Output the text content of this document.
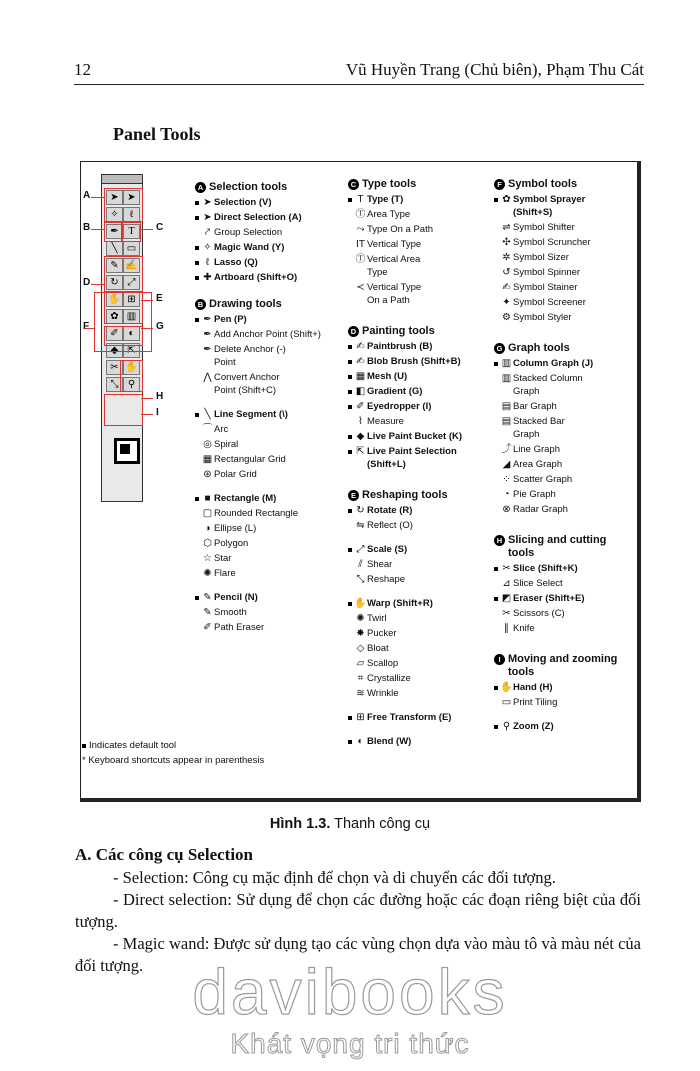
12	Vũ Huyền Trang (Chủ biên), Phạm Thu Cát
Panel Tools
➤ ➤
✧	ℓ
✒ T
╲ ▭
✎ ✍
↻ ⤢
✋ ⊞
✿ ▥
✐ ◐
◆ ⇱
✂ ✋
⤡ ⚲
A
B	C
D
E
F	G
H
I
A Selection tools
➤ Selection (V)
➤ Direct Selection (A)
⤤ Group Selection
✧ Magic Wand (Y)
ℓ Lasso (Q)
✚ Artboard (Shift+O)
B Drawing tools
✒ Pen (P)
✒ Add Anchor Point (Shift+)
✒ Delete Anchor (-)
Point
⋀ Convert Anchor
Point (Shift+C)
╲ Line Segment (\)
⌒ Arc
◎ Spiral
▦ Rectangular Grid
⊛ Polar Grid
■ Rectangle (M)
▢ Rounded Rectangle
◑ Ellipse (L)
⬡ Polygon
☆ Star
✺ Flare
✎ Pencil (N)
✎ Smooth
✐ Path Eraser
C Type tools
T Type (T)
Ⓣ Area Type
⤳ Type On a Path
IT Vertical Type
Ⓣ Vertical Area
Type
≺ Vertical Type
On a Path
D Painting tools
✍ Paintbrush (B)
✍ Blob Brush (Shift+B)
▦ Mesh (U)
◧ Gradient (G)
✐ Eyedropper (I)
⌇ Measure
◆ Live Paint Bucket (K)
⇱ Live Paint Selection
(Shift+L)
E Reshaping tools
↻ Rotate (R)
⇋ Reflect (O)
⤢ Scale (S)
⫽ Shear
⤡ Reshape
✋ Warp (Shift+R)
✺ Twirl
✸ Pucker
◇ Bloat
▱ Scallop
⌗ Crystallize
≋ Wrinkle
⊞ Free Transform (E)
◐ Blend (W)
F Symbol tools
✿ Symbol Sprayer
(Shift+S)
⇌ Symbol Shifter
✣ Symbol Scruncher
✲ Symbol Sizer
↺ Symbol Spinner
✍ Symbol Stainer
✦ Symbol Screener
⚙ Symbol Styler
G Graph tools
▥ Column Graph (J)
▥ Stacked Column
Graph
▤ Bar Graph
▤ Stacked Bar
Graph
⤴ Line Graph
◢ Area Graph
⁘ Scatter Graph
◔ Pie Graph
⊗ Radar Graph
H Slicing and cutting
tools
✂ Slice (Shift+K)
⊿ Slice Select
◩ Eraser (Shift+E)
✂ Scissors (C)
∥ Knife
I Moving and zooming
tools
✋ Hand (H)
▭ Print Tiling
⚲ Zoom (Z)
Indicates default tool
* Keyboard shortcuts appear in parenthesis
Hình 1.3. Thanh công cụ
A. Các công cụ Selection
- Selection: Công cụ mặc định để chọn và di chuyển các đối tượng.
- Direct selection: Sử dụng để chọn các đường hoặc các đoạn riêng biệt của đối tượng.
- Magic wand: Được sử dụng tạo các vùng chọn dựa vào màu tô và màu nét của đối tượng. davibooks
Khát vọng tri thức
